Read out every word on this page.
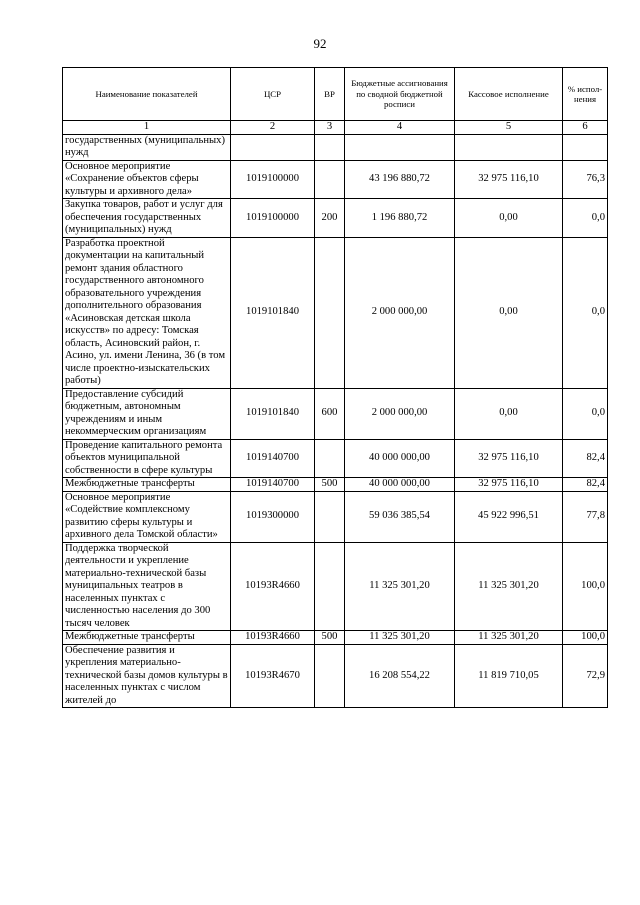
92
Наименование показателей	ЦСР	ВР	Бюджетные ассигнования по сводной бюджетной росписи	Кассовое исполнение	% испол-нения
1	2	3	4	5	6
государственных (муниципальных) нужд					
Основное мероприятие «Сохранение объектов сферы культуры и архивного дела»	1019100000		43 196 880,72	32 975 116,10	76,3
Закупка товаров, работ и услуг для обеспечения государственных (муниципальных) нужд	1019100000	200	1 196 880,72	0,00	0,0
Разработка проектной документации на капитальный ремонт здания областного государственного автономного образовательного учреждения дополнительного образования «Асиновская детская школа искусств» по адресу: Томская область, Асиновский район, г. Асино, ул. имени Ленина, 36 (в том числе проектно-изыскательских работы)	1019101840		2 000 000,00	0,00	0,0
Предоставление субсидий бюджетным, автономным учреждениям и иным некоммерческим организациям	1019101840	600	2 000 000,00	0,00	0,0
Проведение капитального ремонта объектов муниципальной собственности в сфере культуры	1019140700		40 000 000,00	32 975 116,10	82,4
Межбюджетные трансферты	1019140700	500	40 000 000,00	32 975 116,10	82,4
Основное мероприятие «Содействие комплексному развитию сферы культуры и архивного дела Томской области»	1019300000		59 036 385,54	45 922 996,51	77,8
Поддержка творческой деятельности и укрепление материально-технической базы муниципальных театров в населенных пунктах с численностью населения до 300 тысяч человек	10193R4660		11 325 301,20	11 325 301,20	100,0
Межбюджетные трансферты	10193R4660	500	11 325 301,20	11 325 301,20	100,0
Обеспечение развития и укрепления материально-технической базы домов культуры в населенных пунктах с числом жителей до	10193R4670		16 208 554,22	11 819 710,05	72,9
